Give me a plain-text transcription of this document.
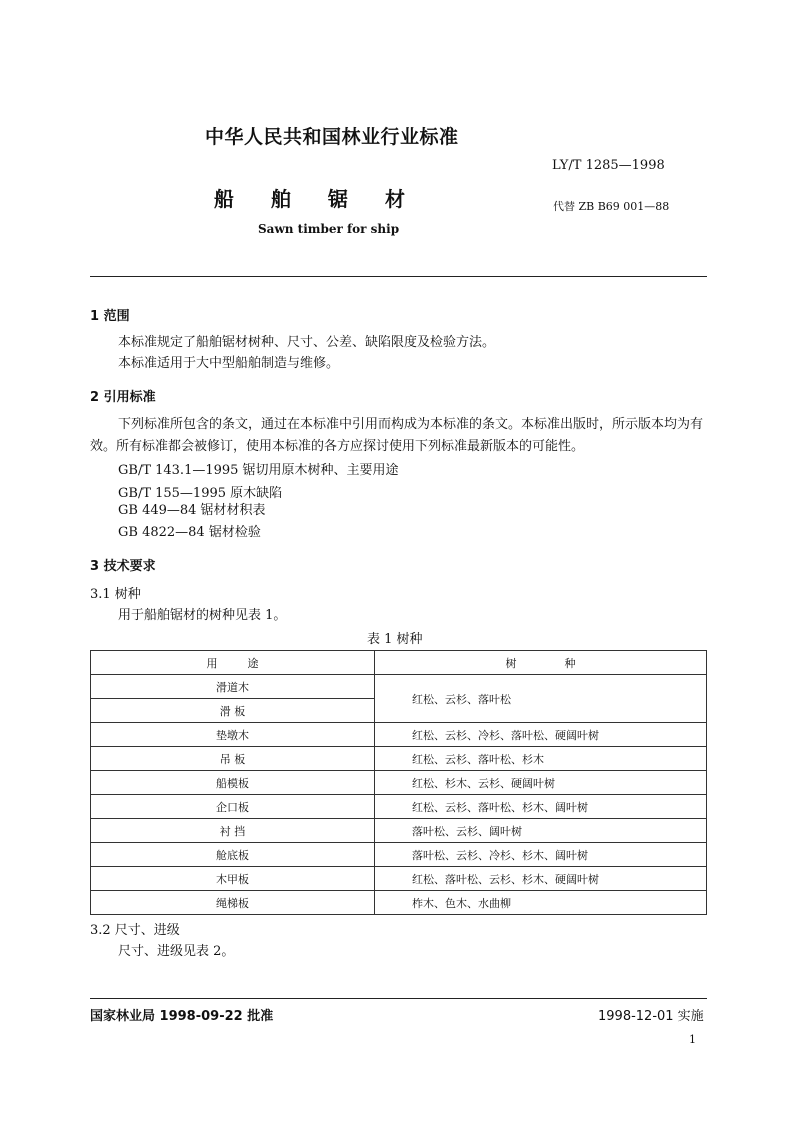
中华人民共和国林业行业标准
LY/T 1285—1998
船 舶 锯 材	代替 ZB B69 001—88
Sawn timber for ship
1 范围
本标准规定了船舶锯材树种、尺寸、公差、缺陷限度及检验方法。
本标准适用于大中型船舶制造与维修。
2 引用标准
下列标准所包含的条文，通过在本标准中引用而构成为本标准的条文。本标准出版时，所示版本均为有效。所有标准都会被修订，使用本标准的各方应探讨使用下列标准最新版本的可能性。
GB/T 143.1—1995 锯切用原木树种、主要用途
GB/T 155—1995 原木缺陷
GB 449—84 锯材材积表
GB 4822—84 锯材检验
3 技术要求
3.1 树种
用于船舶锯材的树种见表 1。
表 1 树种
用途	树种
滑道木	红松、云杉、落叶松
滑 板	
垫墩木	红松、云杉、冷杉、落叶松、硬阔叶树
吊 板	红松、云杉、落叶松、杉木
船模板	红松、杉木、云杉、硬阔叶树
企口板	红松、云杉、落叶松、杉木、阔叶树
衬 挡	落叶松、云杉、阔叶树
舱底板	落叶松、云杉、冷杉、杉木、阔叶树
木甲板	红松、落叶松、云杉、杉木、硬阔叶树
绳梯板	柞木、色木、水曲柳
3.2 尺寸、进级
尺寸、进级见表 2。
国家林业局 1998-09-22 批准	1998-12-01 实施
1
